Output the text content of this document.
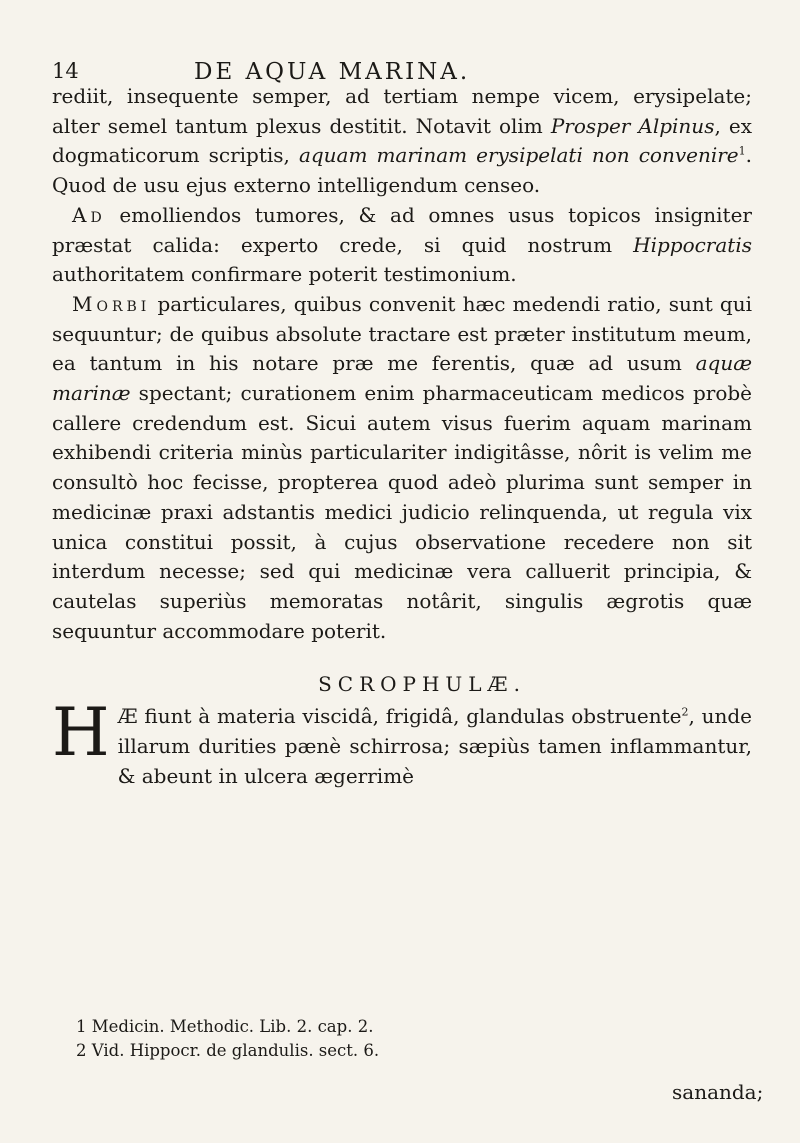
14	DE AQUA MARINA.

rediit, insequente semper, ad tertiam nempe vicem, erysipelate; alter semel tantum plexus destitit. Notavit olim Prosper Alpinus, ex dogmaticorum scriptis, aquam marinam erysipelati non convenire$^1$. Quod de usu ejus externo intelligendum censeo.

Ad emolliendos tumores, & ad omnes usus topicos insigniter præstat calida: experto crede, si quid nostrum Hippocratis authoritatem confirmare poterit testimonium.

Morbi particulares, quibus convenit hæc medendi ratio, sunt qui sequuntur; de quibus absolute tractare est præter institutum meum, ea tantum in his notare præ me ferentis, quæ ad usum aquæ marinæ spectant; curationem enim pharmaceuticam medicos probè callere credendum est. Sicui autem visus fuerim aquam marinam exhibendi criteria minùs particulariter indigitâsse, nôrit is velim me consultò hoc fecisse, propterea quod adeò plurima sunt semper in medicinæ praxi adstantis medici judicio relinquenda, ut regula vix unica constitui possit, à cujus observatione recedere non sit interdum necesse; sed qui medicinæ vera calluerit principia, & cautelas superiùs memoratas notârit, singulis ægrotis quæ sequuntur accommodare poterit.

SCROPHULÆ.

H Æ fiunt à materia viscidâ, frigidâ, glandulas obstruente$^2$, unde illarum durities pænè schirrosa; sæpiùs tamen inflammantur, & abeunt in ulcera ægerrimè

1 Medicin. Methodic. Lib. 2. cap. 2.
2 Vid. Hippocr. de glandulis. sect. 6.
sananda;
